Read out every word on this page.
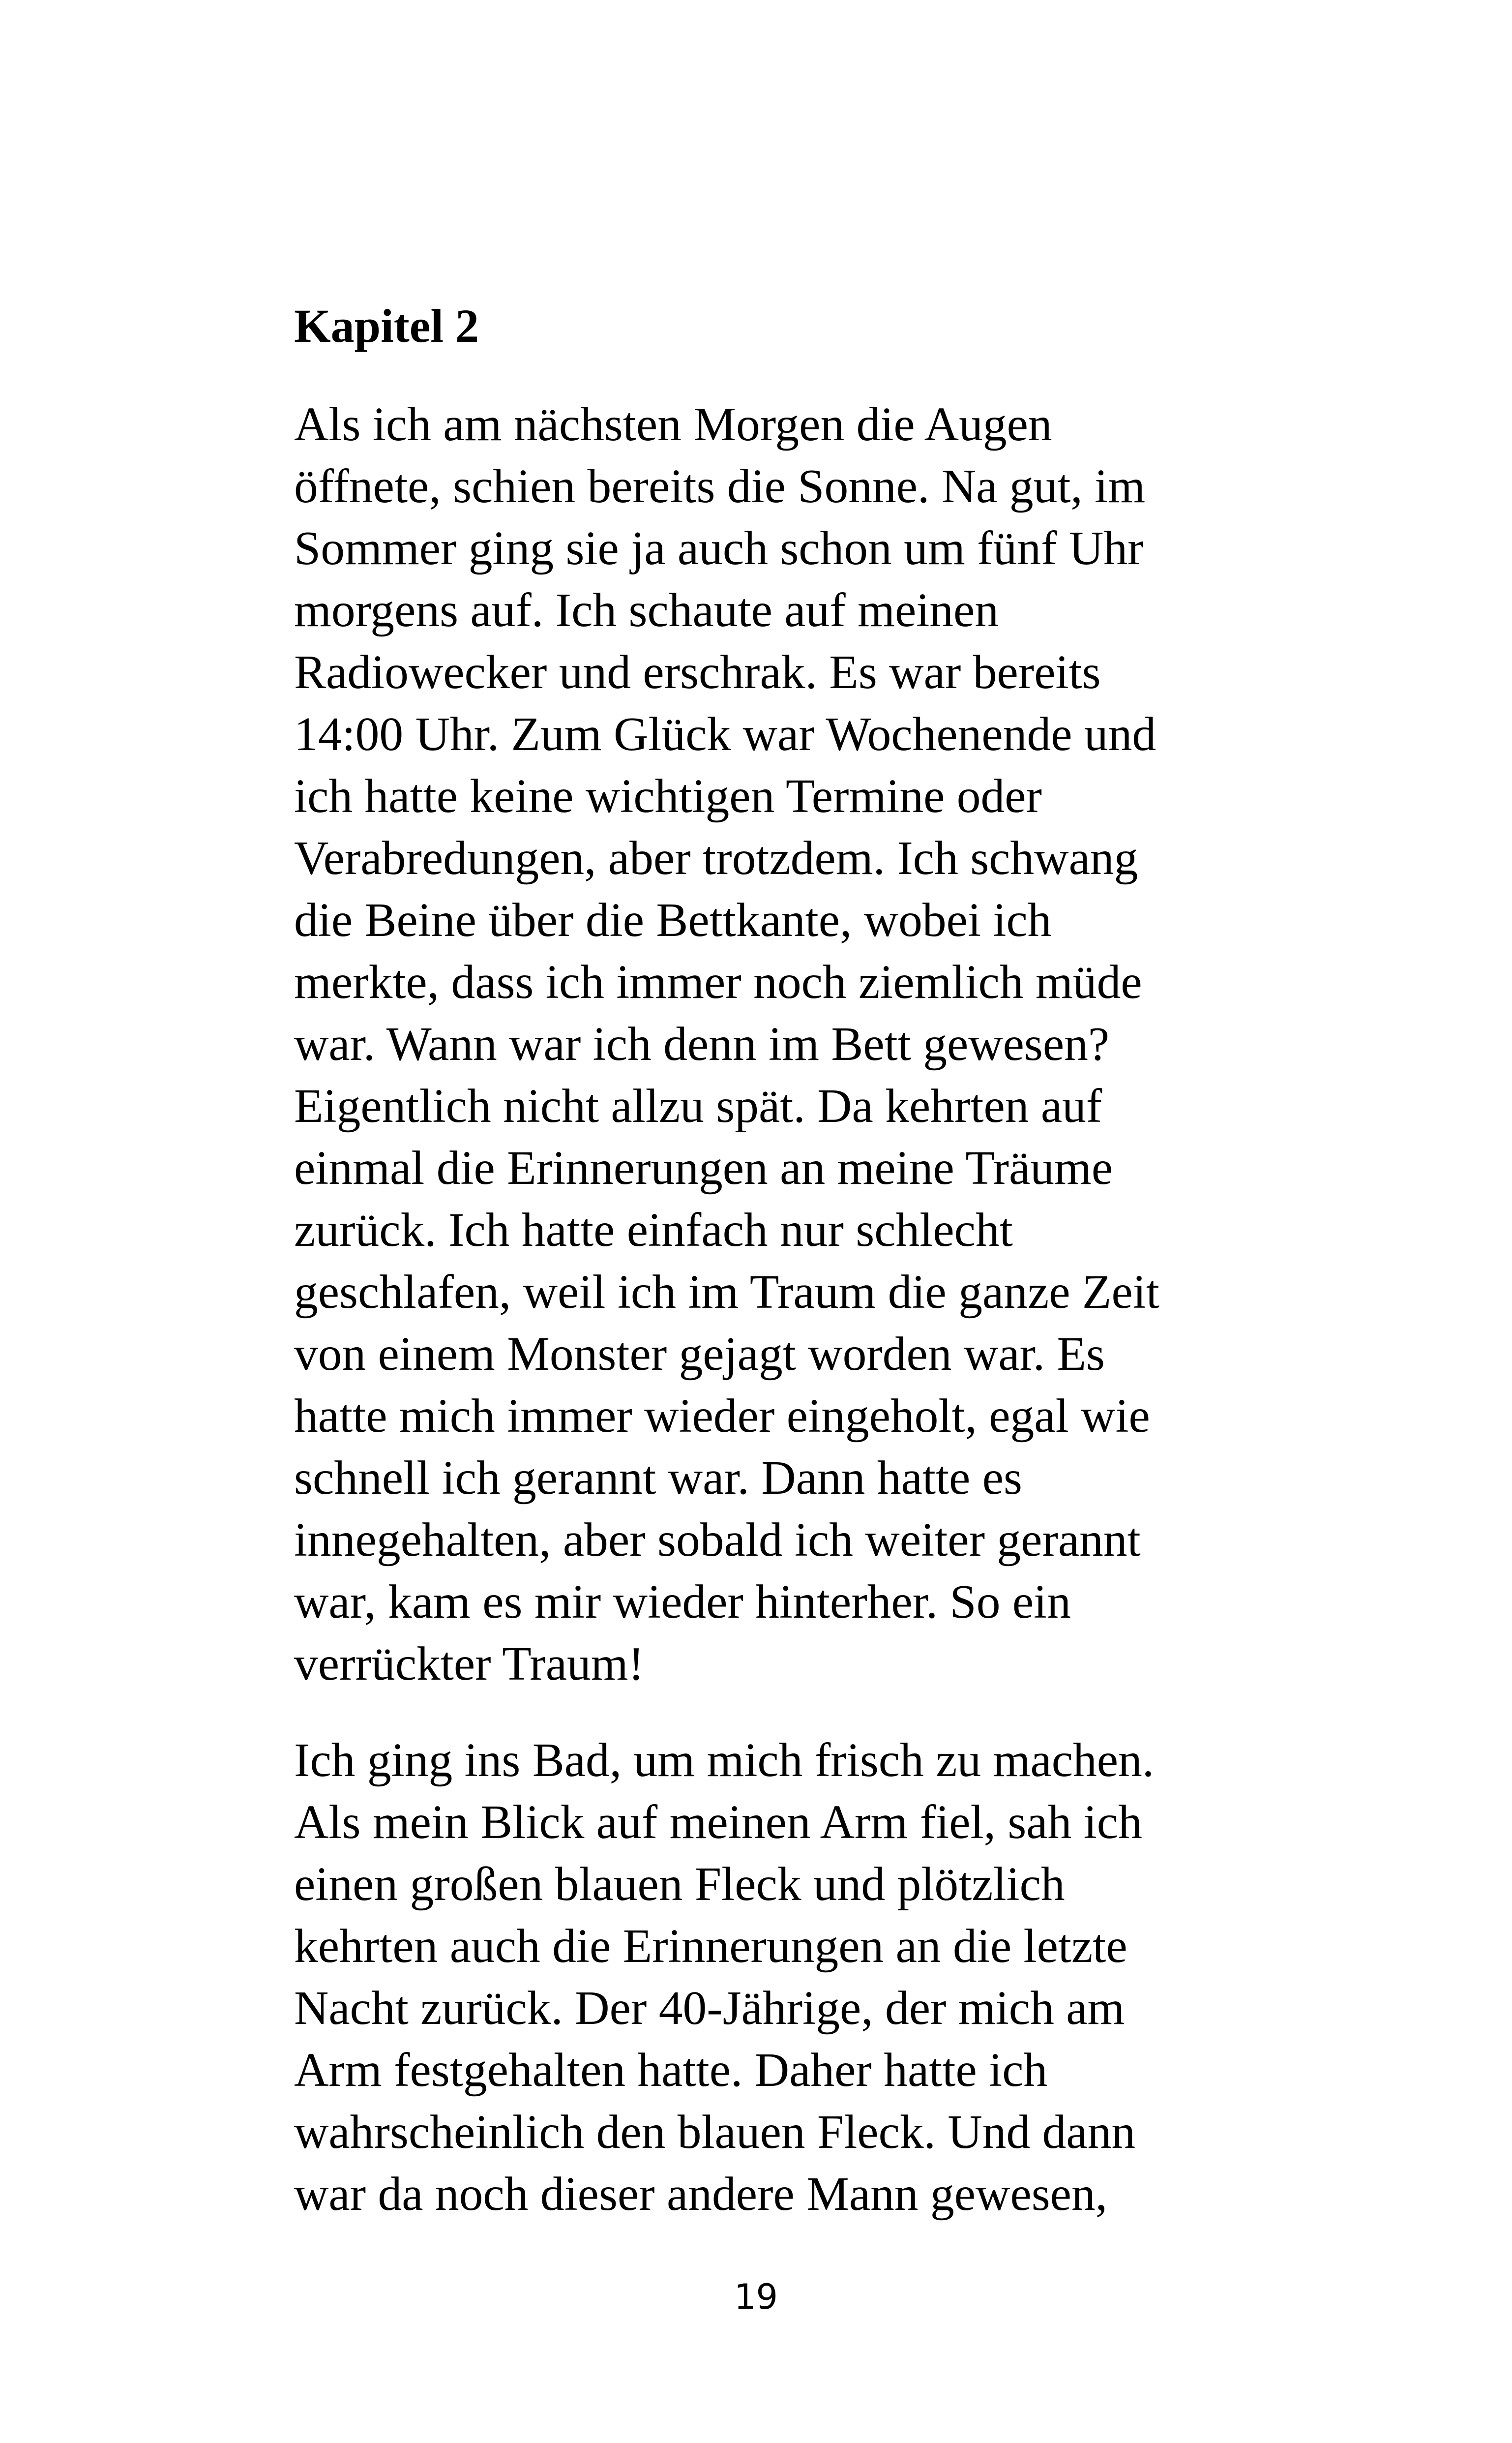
Kapitel 2

Als ich am nächsten Morgen die Augen
öffnete, schien bereits die Sonne. Na gut, im
Sommer ging sie ja auch schon um fünf Uhr
morgens auf. Ich schaute auf meinen
Radiowecker und erschrak. Es war bereits
14:00 Uhr. Zum Glück war Wochenende und
ich hatte keine wichtigen Termine oder
Verabredungen, aber trotzdem. Ich schwang
die Beine über die Bettkante, wobei ich
merkte, dass ich immer noch ziemlich müde
war. Wann war ich denn im Bett gewesen?
Eigentlich nicht allzu spät. Da kehrten auf
einmal die Erinnerungen an meine Träume
zurück. Ich hatte einfach nur schlecht
geschlafen, weil ich im Traum die ganze Zeit
von einem Monster gejagt worden war. Es
hatte mich immer wieder eingeholt, egal wie
schnell ich gerannt war. Dann hatte es
innegehalten, aber sobald ich weiter gerannt
war, kam es mir wieder hinterher. So ein
verrückter Traum!

Ich ging ins Bad, um mich frisch zu machen.
Als mein Blick auf meinen Arm fiel, sah ich
einen großen blauen Fleck und plötzlich
kehrten auch die Erinnerungen an die letzte
Nacht zurück. Der 40-Jährige, der mich am
Arm festgehalten hatte. Daher hatte ich
wahrscheinlich den blauen Fleck. Und dann
war da noch dieser andere Mann gewesen,

19
